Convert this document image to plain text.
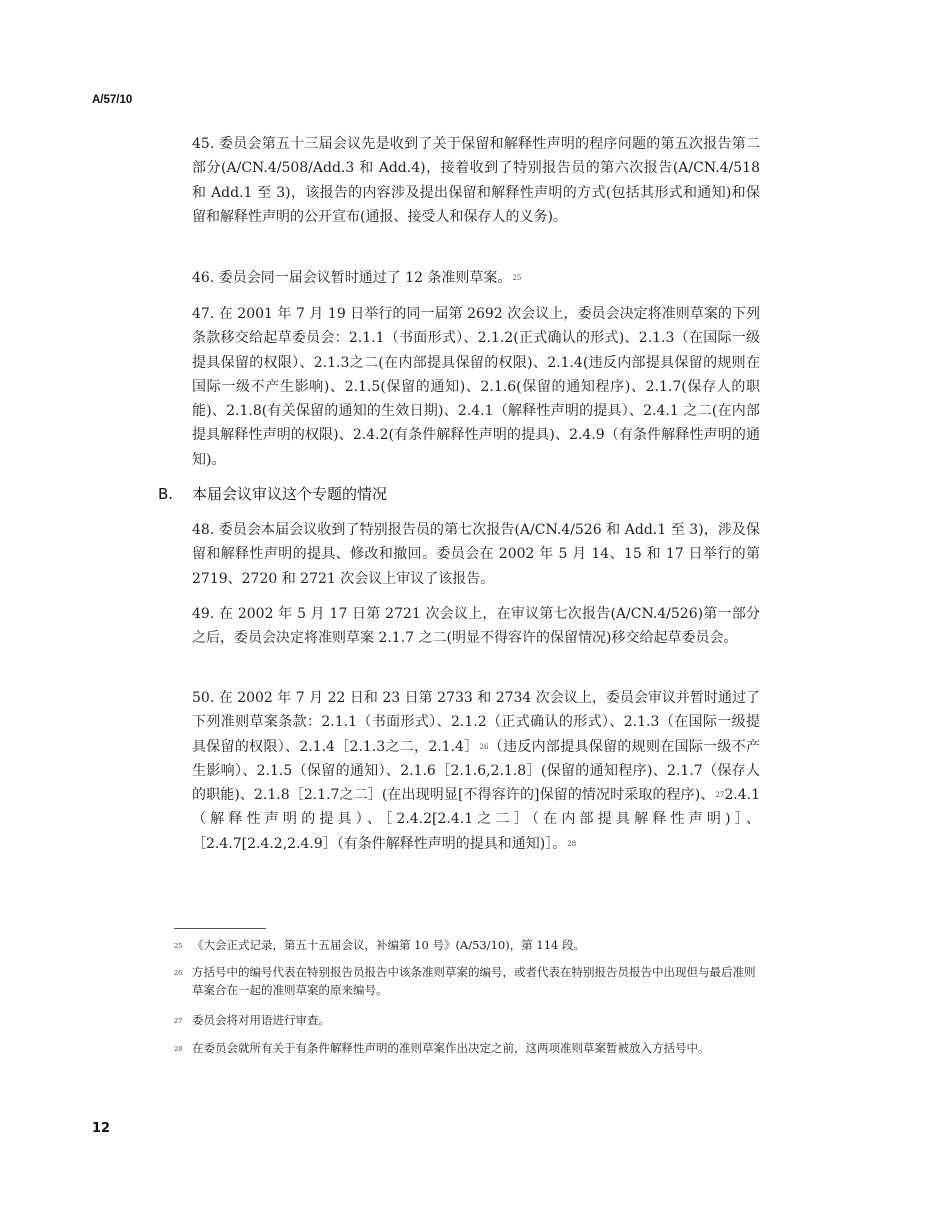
A/57/10

45. 委员会第五十三届会议先是收到了关于保留和解释性声明的程序问题的第五次报告第二部分(A/CN.4/508/Add.3 和 Add.4)，接着收到了特别报告员的第六次报告(A/CN.4/518 和 Add.1 至 3)，该报告的内容涉及提出保留和解释性声明的方式(包括其形式和通知)和保留和解释性声明的公开宣布(通报、接受人和保存人的义务)。

46. 委员会同一届会议暂时通过了 12 条准则草案。$^{25}$

47. 在 2001 年 7 月 19 日举行的同一届第 2692 次会议上，委员会决定将准则草案的下列条款移交给起草委员会：2.1.1（书面形式）、2.1.2(正式确认的形式)、2.1.3（在国际一级提具保留的权限）、2.1.3之二(在内部提具保留的权限)、2.1.4(违反内部提具保留的规则在国际一级不产生影响)、2.1.5(保留的通知)、2.1.6(保留的通知程序)、2.1.7(保存人的职能)、2.1.8(有关保留的通知的生效日期)、2.4.1（解释性声明的提具）、2.4.1 之二(在内部提具解释性声明的权限)、2.4.2(有条件解释性声明的提具)、2.4.9（有条件解释性声明的通知)。

B. 本届会议审议这个专题的情况

48. 委员会本届会议收到了特别报告员的第七次报告(A/CN.4/526 和 Add.1 至 3)，涉及保留和解释性声明的提具、修改和撤回。委员会在 2002 年 5 月 14、15 和 17 日举行的第 2719、2720 和 2721 次会议上审议了该报告。

49. 在 2002 年 5 月 17 日第 2721 次会议上，在审议第七次报告(A/CN.4/526)第一部分之后，委员会决定将准则草案 2.1.7 之二(明显不得容许的保留情况)移交给起草委员会。

50. 在 2002 年 7 月 22 日和 23 日第 2733 和 2734 次会议上，委员会审议并暂时通过了下列准则草案条款：2.1.1（书面形式）、2.1.2（正式确认的形式）、2.1.3（在国际一级提具保留的权限）、2.1.4［2.1.3之二，2.1.4］$^{26}$（违反内部提具保留的规则在国际一级不产生影响）、2.1.5（保留的通知）、2.1.6［2.1.6,2.1.8］(保留的通知程序)、2.1.7（保存人的职能)、2.1.8［2.1.7之二］(在出现明显[不得容许的]保留的情况时采取的程序)、$^{27}$2.4.1（解释性声明的提具）、［2.4.2[2.4.1之二］（在内部提具解释性声明)］、［2.4.7[2.4.2,2.4.9］（有条件解释性声明的提具和通知)］。$^{28}$

25 《大会正式记录，第五十五届会议，补编第 10 号》(A/53/10)，第 114 段。
26 方括号中的编号代表在特别报告员报告中该条准则草案的编号，或者代表在特别报告员报告中出现但与最后准则草案合在一起的准则草案的原来编号。
27 委员会将对用语进行审查。
28 在委员会就所有关于有条件解释性声明的准则草案作出决定之前，这两项准则草案暂被放入方括号中。
12
